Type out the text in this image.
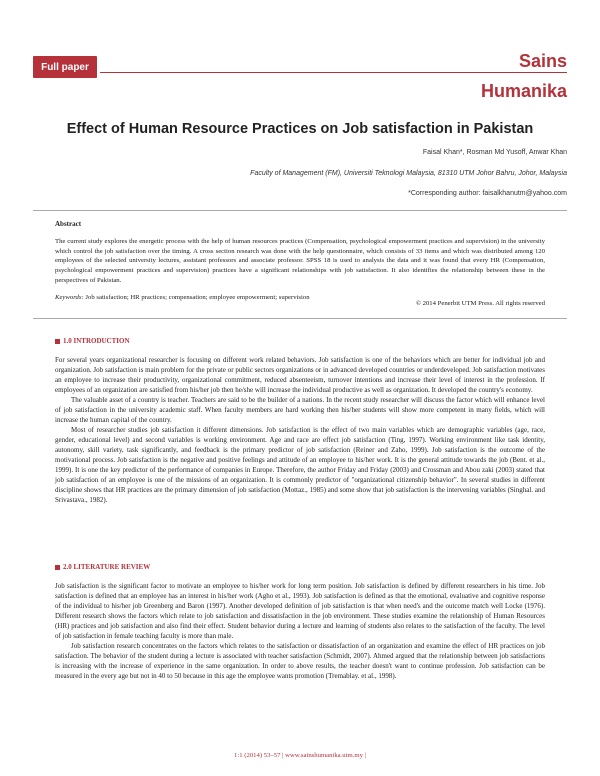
Full paper	Sains
Humanika
Effect of Human Resource Practices on Job satisfaction in Pakistan
Faisal Khan*, Rosman Md Yusoff, Anwar Khan
Faculty of Management (FM), Universiti Teknologi Malaysia, 81310 UTM Johor Bahru, Johor, Malaysia
*Corresponding author: faisalkhanutm@yahoo.com
Abstract
The current study explores the energetic process with the help of human resources practices (Compensation, psychological empowerment practices and supervision) in the university which control the job satisfaction over the timing. A cross section research was done with the help questionnaire, which consists of 33 items and which was distributed among 120 employees of the selected university lectures, assistant professors and associate professor. SPSS 18 is used to analysis the data and it was found that every HR (Compensation, psychological empowerment practices and supervision) practices have a significant relationships with job satisfaction. It also identifies the relationship between these in the perspectives of Pakistan.
Keywords: Job satisfaction; HR practices; compensation; employee empowerment; supervision
© 2014 Penerbit UTM Press. All rights reserved
1.0 INTRODUCTION

For several years organizational researcher is focusing on different work related behaviors. Job satisfaction is one of the behaviors which are better for individual job and organization. Job satisfaction is main problem for the private or public sectors organizations or in advanced developed countries or underdeveloped. Job satisfaction motivates an employee to increase their productivity, organizational commitment, reduced absenteeism, turnover intentions and increase their level of interest in the profession. If employees of an organization are satisfied from his/her job then he/she will increase the individual productive as well as organization. It developed the country's economy.

The valuable asset of a country is teacher. Teachers are said to be the builder of a nations. In the recent study researcher will discuss the factor which will enhance level of job satisfaction in the university academic staff. When faculty members are hard working then his/her students will show more competent in many fields, which will increase the human capital of the country.

Most of researcher studies job satisfaction it different dimensions. Job satisfaction is the effect of two main variables which are demographic variables (age, race, gender, educational level) and second variables is working environment. Age and race are effect job satisfaction (Ting, 1997). Working environment like task identity, autonomy, skill variety, task significantly, and feedback is the primary predictor of job satisfaction (Reiner and Zaho, 1999). Job satisfaction is the outcome of the motivational process. Job satisfaction is the negative and positive feelings and attitude of an employee to his/her work. It is the general attitude towards the job (Bent. et al., 1999). It is one the key predictor of the performance of companies in Europe. Therefore, the author Friday and Friday (2003) and Crossman and Abou zaki (2003) stated that job satisfaction of an employee is one of the missions of an organization. It is commonly predictor of "organizational citizenship behavior". In several studies in different discipline shows that HR practices are the primary dimension of job satisfaction (Mottaz., 1985) and some show that job satisfaction is the intervening variables (Singhal. and Srivastava., 1982).

2.0 LITERATURE REVIEW

Job satisfaction is the significant factor to motivate an employee to his/her work for long term position. Job satisfaction is defined by different researchers in his time. Job satisfaction is defined that an employee has an interest in his/her work (Agho et al., 1993). Job satisfaction is defined as that the emotional, evaluative and cognitive response of the individual to his/her job Greenberg and Baron (1997). Another developed definition of job satisfaction is that when need's and the outcome match well Locke (1976). Different research shows the factors which relate to job satisfaction and dissatisfaction in the job environment. These studies examine the relationship of Human Resources (HR) practices and job satisfaction and also find their effect. Student behavior during a lecture and learning of students also relates to the satisfaction of the faculty. The level of job satisfaction in female teaching faculty is more than male.

Job satisfaction research concentrates on the factors which relates to the satisfaction or dissatisfaction of an organization and examine the effect of HR practices on job satisfaction. The behavior of the student during a lecture is associated with teacher satisfaction (Schmidt, 2007). Ahmed argued that the relationship between job satisfactions is increasing with the increase of experience in the same organization. In order to above results, the teacher doesn't want to continue profession. Job satisfaction can be measured in the every age but not in 40 to 50 because in this age the employee wants promotion (Tremablay. et al., 1998).

1:1 (2014) 53–57 | www.sainshumanika.utm.my |
